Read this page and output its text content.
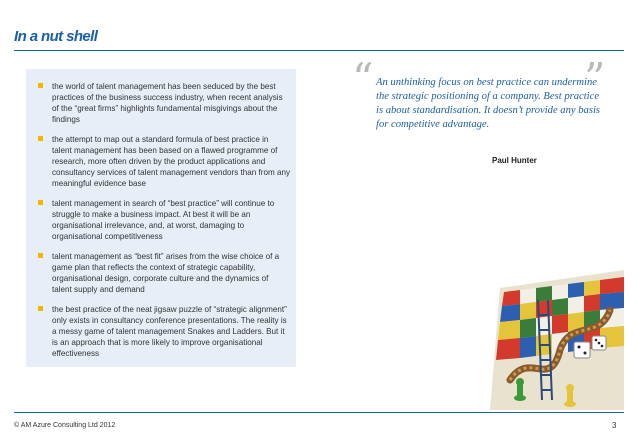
In a nut shell
the world of talent management has been seduced by the best practices of the business success industry, when recent analysis of the “great firms” highlights fundamental misgivings about the findings
the attempt to map out a standard formula of best practice in talent management has been based on a flawed programme of research, more often driven by the product applications and consultancy services of talent management vendors than from any meaningful evidence base
talent management in search of “best practice” will continue to struggle to make a business impact. At best it will be an organisational irrelevance, and, at worst, damaging to organisational competitiveness
talent management as “best fit” arises from the wise choice of a game plan that reflects the context of strategic capability, organisational design, corporate culture and the dynamics of talent supply and demand
the best practice of the neat jigsaw puzzle of “strategic alignment” only exists in consultancy conference presentations. The reality is a messy game of talent management Snakes and Ladders. But it is an approach that is more likely to improve organisational effectiveness
“	”
An unthinking focus on best practice can undermine the strategic positioning of a company. Best practice is about standardisation. It doesn’t provide any basis for competitive advantage.
Paul Hunter
© AM Azure Consulting Ltd 2012	3
